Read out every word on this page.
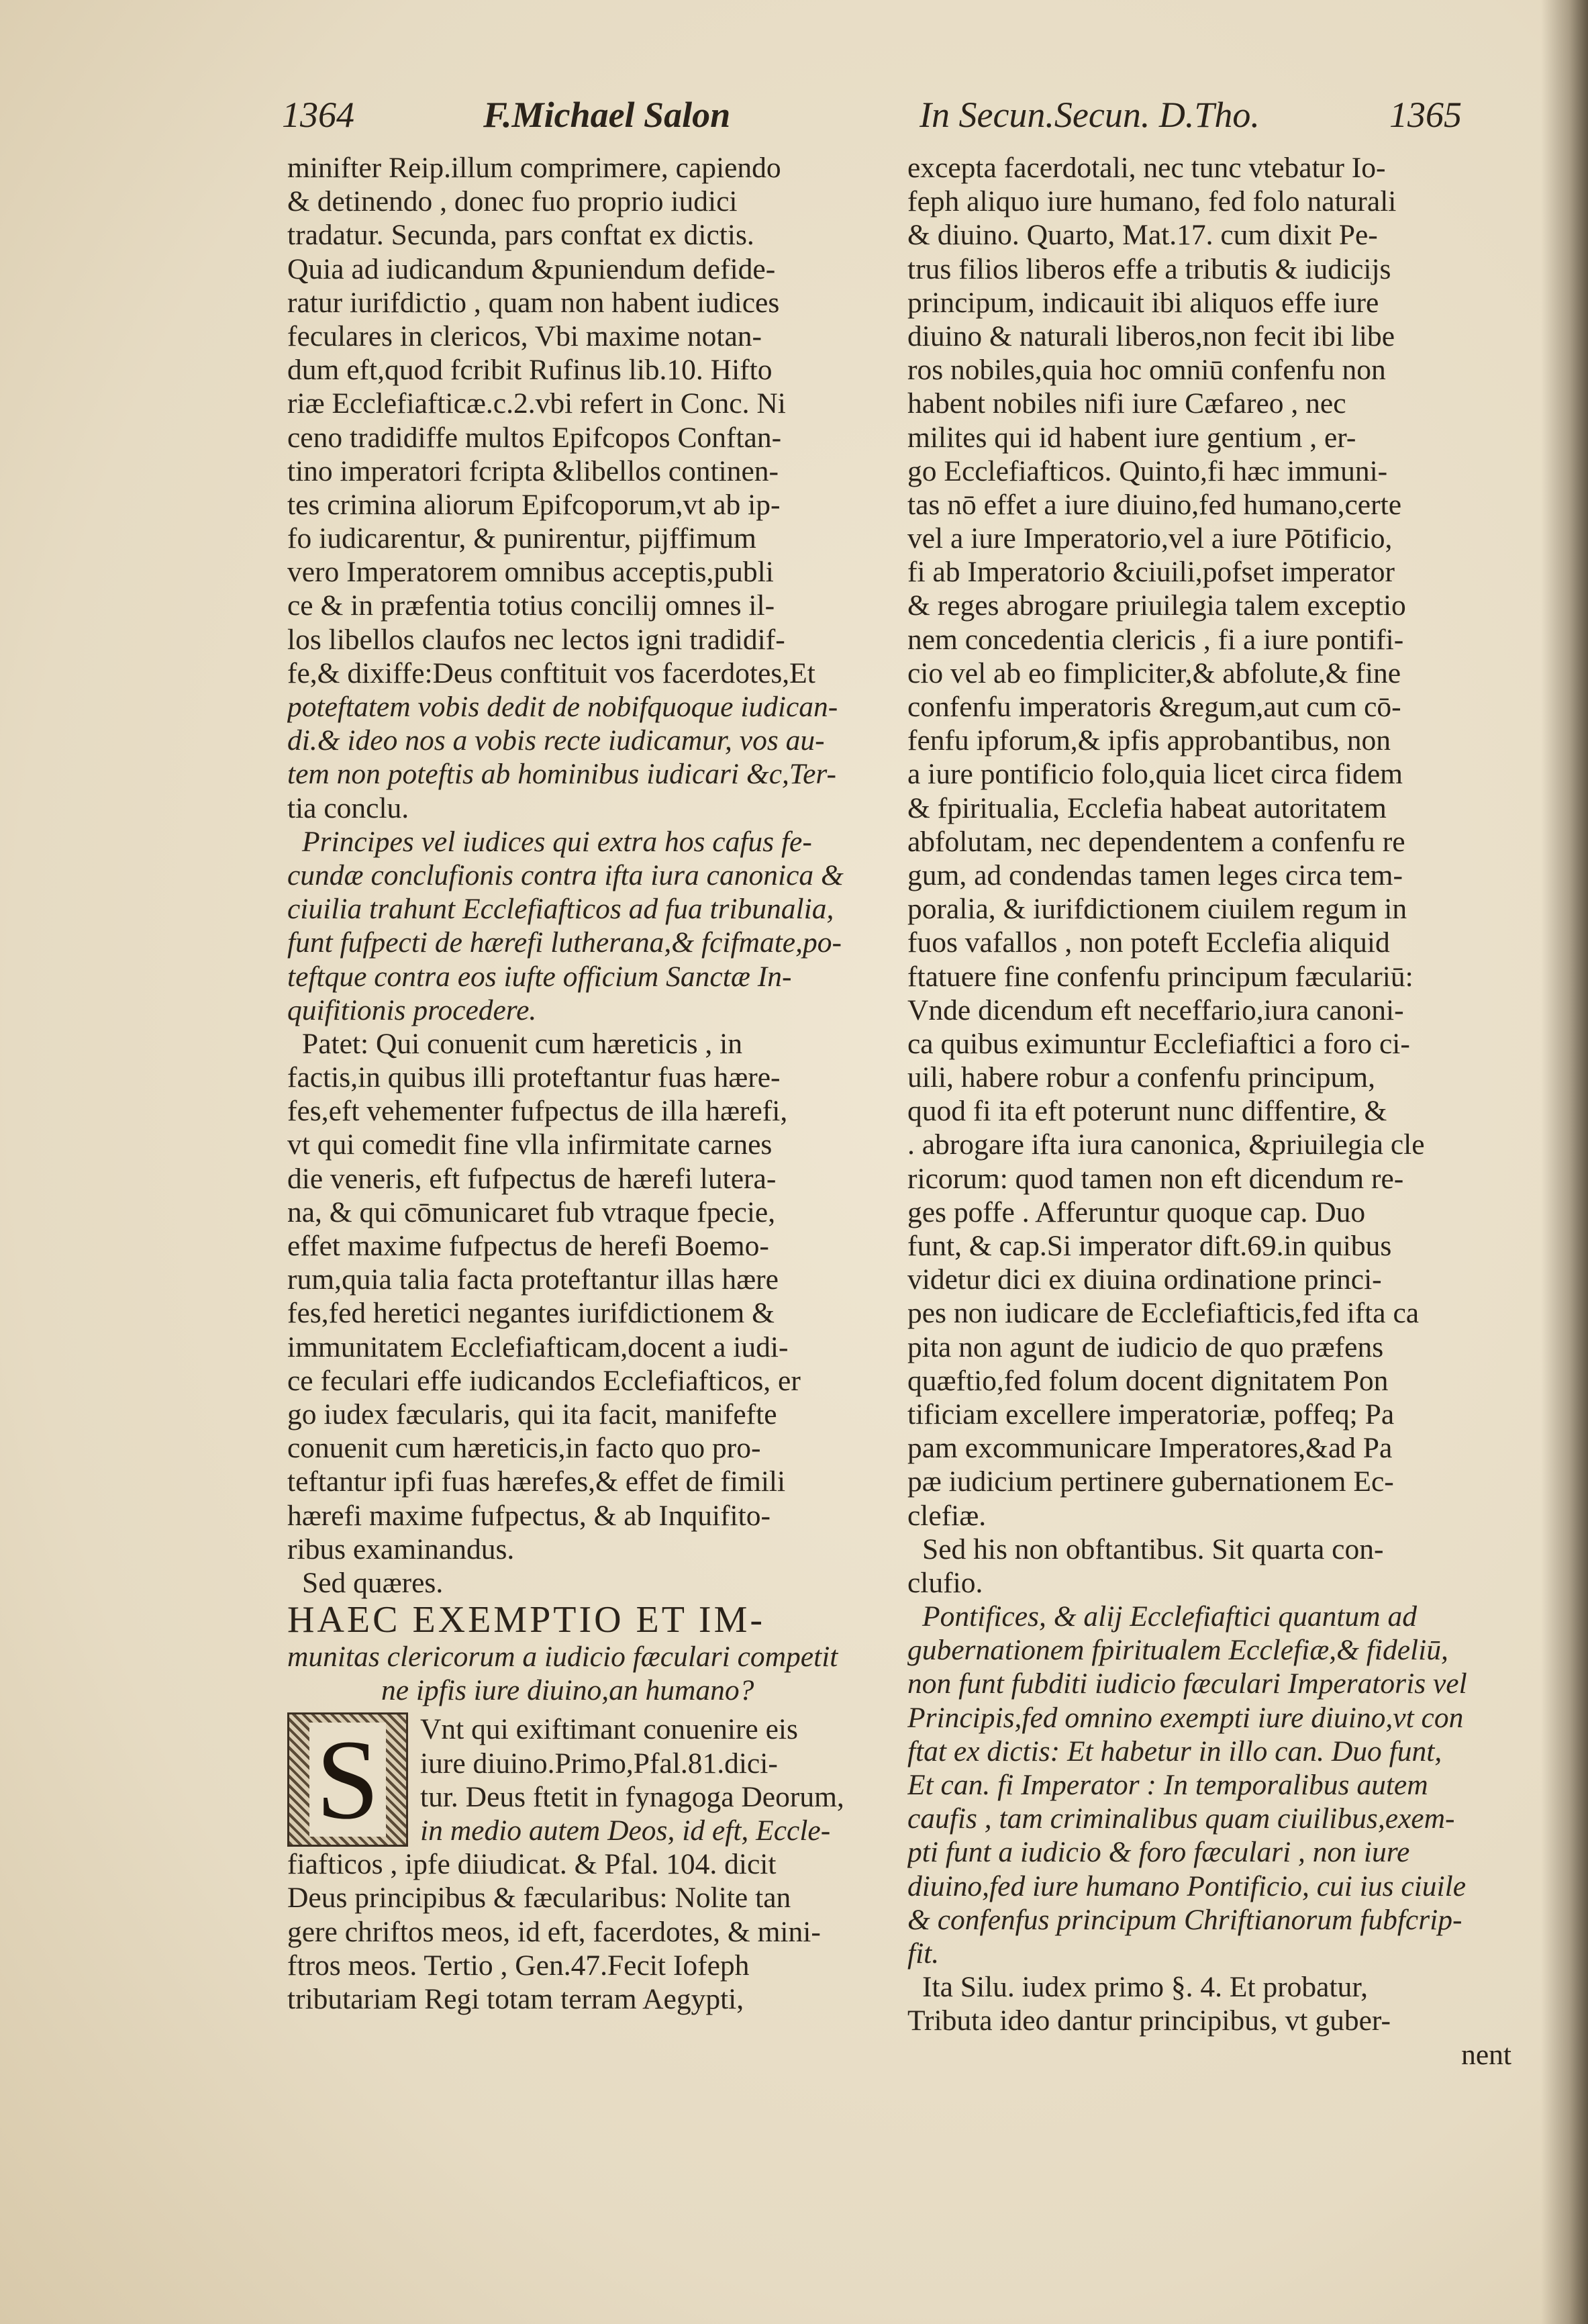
1364	F.Michael Salon	In Secun.Secun. D.Tho.	1365
minifter Reip.illum comprimere, capiendo
& detinendo , donec fuo proprio iudici
tradatur. Secunda, pars conftat ex dictis.
Quia ad iudicandum &puniendum defide-
ratur iurifdictio , quam non habent iudices
feculares in clericos, Vbi maxime notan-
dum eft,quod fcribit Rufinus lib.10. Hifto
riæ Ecclefiafticæ.c.2.vbi refert in Conc. Ni
ceno tradidiffe multos Epifcopos Conftan-
tino imperatori fcripta &libellos continen-
tes crimina aliorum Epifcoporum,vt ab ip-
fo iudicarentur, & punirentur, pijffimum
vero Imperatorem omnibus acceptis,publi
ce & in præfentia totius concilij omnes il-
los libellos claufos nec lectos igni tradidif-
fe,& dixiffe:Deus conftituit vos facerdotes,Et
poteftatem vobis dedit de nobifquoque iudican-
di.& ideo nos a vobis recte iudicamur, vos au-
tem non poteftis ab hominibus iudicari &c,Ter-
tia conclu.
Principes vel iudices qui extra hos cafus fe-
cundæ conclufionis contra ifta iura canonica &
ciuilia trahunt Ecclefiafticos ad fua tribunalia,
funt fufpecti de hærefi lutherana,& fcifmate,po-
teftque contra eos iufte officium Sanctæ In-
quifitionis procedere.
Patet: Qui conuenit cum hæreticis , in
factis,in quibus illi proteftantur fuas hære-
fes,eft vehementer fufpectus de illa hærefi,
vt qui comedit fine vlla infirmitate carnes
die veneris, eft fufpectus de hærefi lutera-
na, & qui cōmunicaret fub vtraque fpecie,
effet maxime fufpectus de herefi Boemo-
rum,quia talia facta proteftantur illas hære
fes,fed heretici negantes iurifdictionem &
immunitatem Ecclefiafticam,docent a iudi-
ce feculari effe iudicandos Ecclefiafticos, er
go iudex fæcularis, qui ita facit, manifefte
conuenit cum hæreticis,in facto quo pro-
teftantur ipfi fuas hærefes,& effet de fimili
hærefi maxime fufpectus, & ab Inquifito-
ribus examinandus.
Sed quæres.
HAEC EXEMPTIO ET IM-
munitas clericorum a iudicio fæculari competit
ne ipfis iure diuino,an humano?
S Vnt qui exiftimant conuenire eis
iure diuino.Primo,Pfal.81.dici-
tur. Deus ftetit in fynagoga Deorum,
in medio autem Deos, id eft, Eccle-
fiafticos , ipfe diiudicat. & Pfal. 104. dicit
Deus principibus & fæcularibus: Nolite tan
gere chriftos meos, id eft, facerdotes, & mini-
ftros meos. Tertio , Gen.47.Fecit Iofeph
tributariam Regi totam terram Aegypti,
excepta facerdotali, nec tunc vtebatur Io-
feph aliquo iure humano, fed folo naturali
& diuino. Quarto, Mat.17. cum dixit Pe-
trus filios liberos effe a tributis & iudicijs
principum, indicauit ibi aliquos effe iure
diuino & naturali liberos,non fecit ibi libe
ros nobiles,quia hoc omniū confenfu non
habent nobiles nifi iure Cæfareo , nec
milites qui id habent iure gentium , er-
go Ecclefiafticos. Quinto,fi hæc immuni-
tas nō effet a iure diuino,fed humano,certe
vel a iure Imperatorio,vel a iure Pōtificio,
fi ab Imperatorio &ciuili,pofset imperator
& reges abrogare priuilegia talem exceptio
nem concedentia clericis , fi a iure pontifi-
cio vel ab eo fimpliciter,& abfolute,& fine
confenfu imperatoris &regum,aut cum cō-
fenfu ipforum,& ipfis approbantibus, non
a iure pontificio folo,quia licet circa fidem
& fpiritualia, Ecclefia habeat autoritatem
abfolutam, nec dependentem a confenfu re
gum, ad condendas tamen leges circa tem-
poralia, & iurifdictionem ciuilem regum in
fuos vafallos , non poteft Ecclefia aliquid
ftatuere fine confenfu principum fæculariū:
Vnde dicendum eft neceffario,iura canoni-
ca quibus eximuntur Ecclefiaftici a foro ci-
uili, habere robur a confenfu principum,
quod fi ita eft poterunt nunc diffentire, &
. abrogare ifta iura canonica, &priuilegia cle
ricorum: quod tamen non eft dicendum re-
ges poffe . Afferuntur quoque cap. Duo
funt, & cap.Si imperator dift.69.in quibus
videtur dici ex diuina ordinatione princi-
pes non iudicare de Ecclefiafticis,fed ifta ca
pita non agunt de iudicio de quo præfens
quæftio,fed folum docent dignitatem Pon
tificiam excellere imperatoriæ, poffeq; Pa
pam excommunicare Imperatores,&ad Pa
pæ iudicium pertinere gubernationem Ec-
clefiæ.
Sed his non obftantibus. Sit quarta con-
clufio.
Pontifices, & alij Ecclefiaftici quantum ad
gubernationem fpiritualem Ecclefiæ,& fideliū,
non funt fubditi iudicio fæculari Imperatoris vel
Principis,fed omnino exempti iure diuino,vt con
ftat ex dictis: Et habetur in illo can. Duo funt,
Et can. fi Imperator : In temporalibus autem
caufis , tam criminalibus quam ciuilibus,exem-
pti funt a iudicio & foro fæculari , non iure
diuino,fed iure humano Pontificio, cui ius ciuile
& confenfus principum Chriftianorum fubfcrip-
fit.
Ita Silu. iudex primo §. 4. Et probatur,
Tributa ideo dantur principibus, vt guber-
nent
